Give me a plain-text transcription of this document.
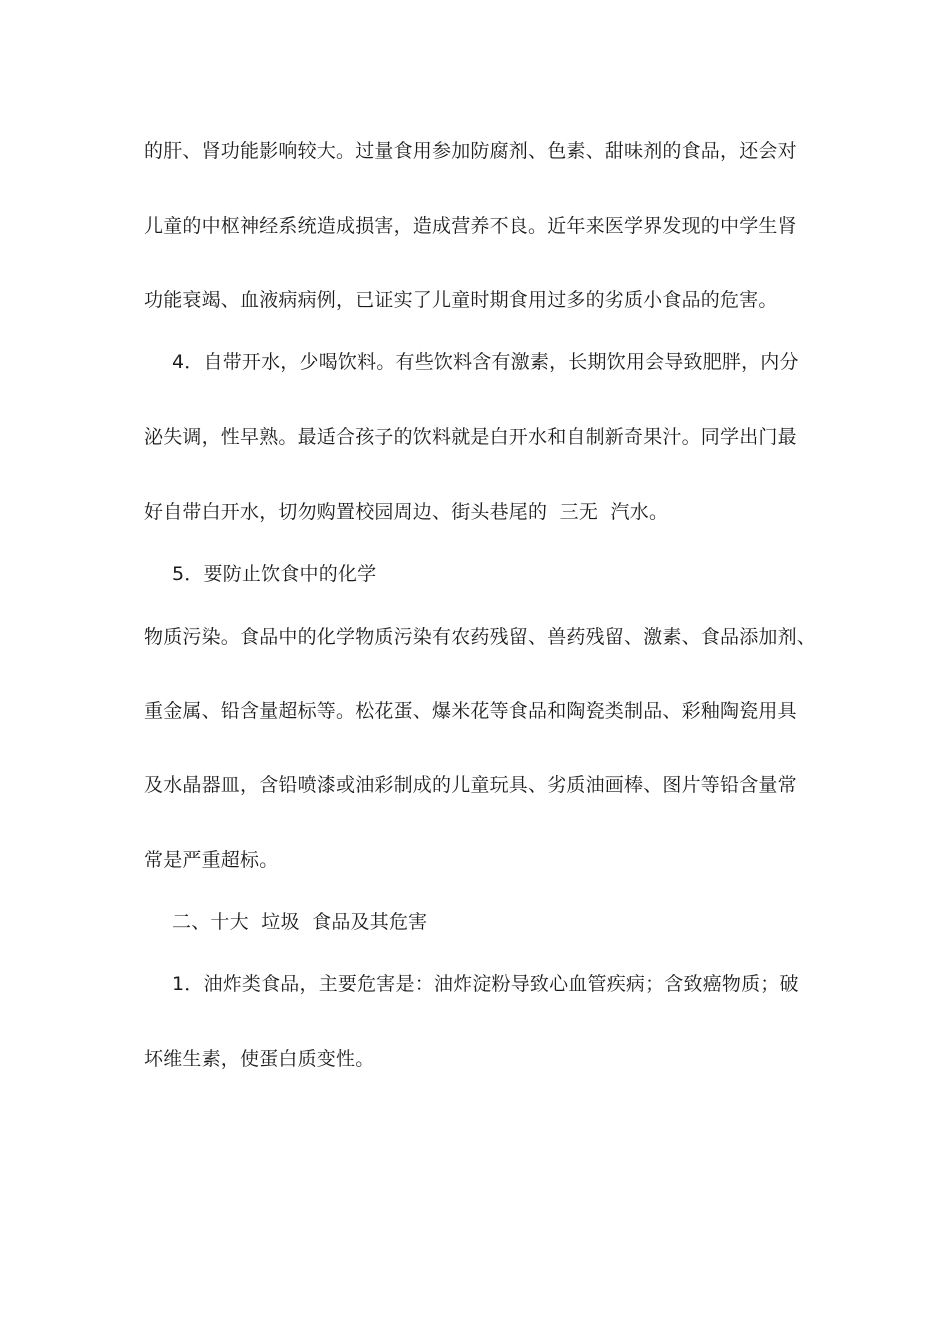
的肝、肾功能影响较大。过量食用参加防腐剂、色素、甜味剂的食品，还会对
儿童的中枢神经系统造成损害，造成营养不良。近年来医学界发现的中学生肾
功能衰竭、血液病病例，已证实了儿童时期食用过多的劣质小食品的危害。
4．自带开水，少喝饮料。有些饮料含有激素，长期饮用会导致肥胖，内分
泌失调，性早熟。最适合孩子的饮料就是白开水和自制新奇果汁。同学出门最
好自带白开水，切勿购置校园周边、街头巷尾的  三无  汽水。
5．要防止饮食中的化学
物质污染。食品中的化学物质污染有农药残留、兽药残留、激素、食品添加剂、
重金属、铅含量超标等。松花蛋、爆米花等食品和陶瓷类制品、彩釉陶瓷用具
及水晶器皿，含铅喷漆或油彩制成的儿童玩具、劣质油画棒、图片等铅含量常
常是严重超标。
二、十大  垃圾  食品及其危害
1．油炸类食品，主要危害是：油炸淀粉导致心血管疾病；含致癌物质；破
坏维生素，使蛋白质变性。
